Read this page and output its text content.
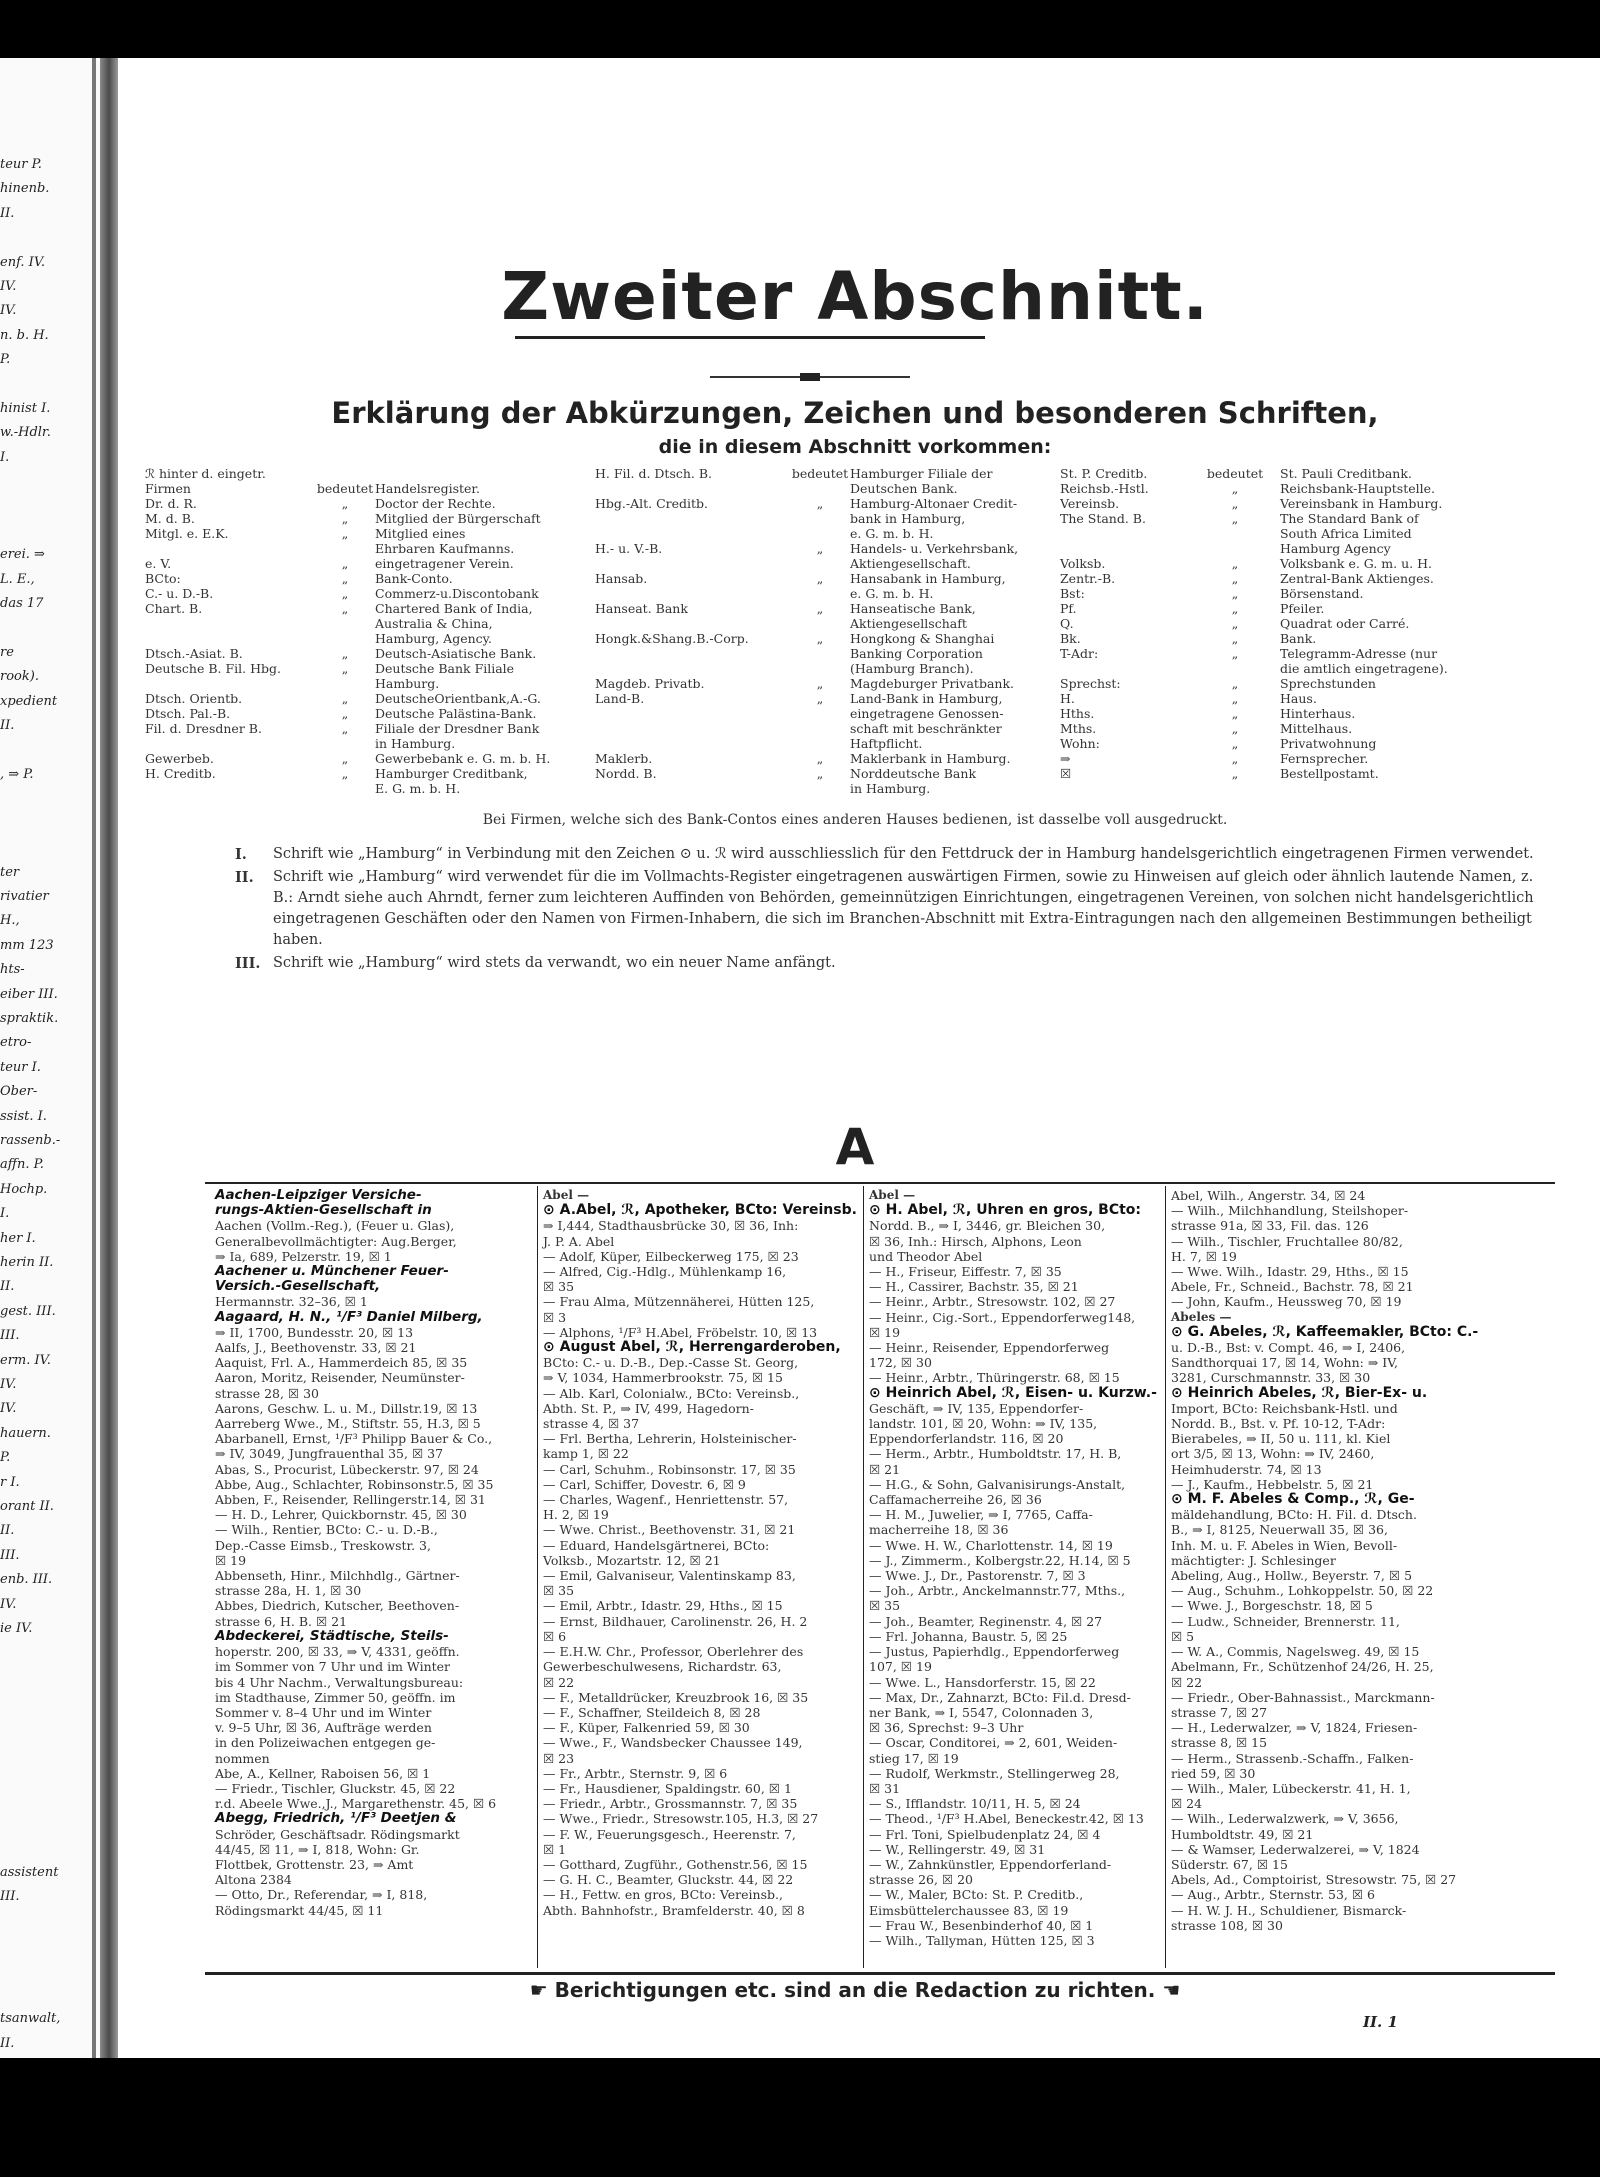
teur P.
hinenb.
II.
enf. IV.
IV.
IV.
n. b. H.
P.
hinist I.
w.-Hdlr.
I.
erei. ⇒
L. E.,
das 17
re
rook).
xpedient
II.
, ⇒ P.
ter
rivatier
H.,
mm 123
hts-
eiber III.
spraktik.
etro-
teur I.
Ober-
ssist. I.
rassenb.-
affn. P.
Hochp.
I.
her I.
herin II.
II.
gest. III.
III.
erm. IV.
IV.
IV.
hauern.
P.
r I.
orant II.
II.
III.
enb. III.
IV.
ie IV.
assistent
III.
tsanwalt,
II.
Zweiter Abschnitt.
Erklärung der Abkürzungen, Zeichen und besonderen Schriften,
die in diesem Abschnitt vorkommen:
ℛ hinter d. eingetr.
Firmen	bedeutet Handelsregister.
Dr. d. R.	„	Doctor der Rechte.
M. d. B.	„	Mitglied der Bürgerschaft
Mitgl. e. E.K.	„	Mitglied eines
Ehrbaren Kaufmanns.
e. V.	„	eingetragener Verein.
BCto:	„	Bank-Conto.
C.- u. D.-B.	„	Commerz-u.Discontobank
Chart. B.	„	Chartered Bank of India,
Australia & China,
Hamburg, Agency.
Dtsch.-Asiat. B.	„	Deutsch-Asiatische Bank.
Deutsche B. Fil. Hbg.	„	Deutsche Bank Filiale
Hamburg.
Dtsch. Orientb.	„	DeutscheOrientbank,A.-G.
Dtsch. Pal.-B.	„	Deutsche Palästina-Bank.
Fil. d. Dresdner B.	„	Filiale der Dresdner Bank
in Hamburg.
Gewerbeb.	„	Gewerbebank e. G. m. b. H.
H. Creditb.	„	Hamburger Creditbank,
E. G. m. b. H.
H. Fil. d. Dtsch. B.	bedeutet Hamburger Filiale der
Deutschen Bank.
Hbg.-Alt. Creditb.	„	Hamburg-Altonaer Credit-
bank in Hamburg,
e. G. m. b. H.
H.- u. V.-B.	„	Handels- u. Verkehrsbank,
Aktiengesellschaft.
Hansab.	„	Hansabank in Hamburg,
e. G. m. b. H.
Hanseat. Bank	„	Hanseatische Bank,
Aktiengesellschaft
Hongk.&Shang.B.-Corp.	„	Hongkong & Shanghai
Banking Corporation
(Hamburg Branch).
Magdeb. Privatb.	„	Magdeburger Privatbank.
Land-B.	„	Land-Bank in Hamburg,
eingetragene Genossen-
schaft mit beschränkter
Haftpflicht.
Maklerb.	„	Maklerbank in Hamburg.
Nordd. B.	„	Norddeutsche Bank
in Hamburg.
St. P. Creditb.	bedeutet	St. Pauli Creditbank.
Reichsb.-Hstl.	„	Reichsbank-Hauptstelle.
Vereinsb.	„	Vereinsbank in Hamburg.
The Stand. B.	„	The Standard Bank of
South Africa Limited
Hamburg Agency
Volksb.	„	Volksbank e. G. m. u. H.
Zentr.-B.	„	Zentral-Bank Aktienges.
Bst:	„	Börsenstand.
Pf.	„	Pfeiler.
Q.	„	Quadrat oder Carré.
Bk.	„	Bank.
T-Adr:	„	Telegramm-Adresse (nur
die amtlich eingetragene).
Sprechst:	„	Sprechstunden
H.	„	Haus.
Hths.	„	Hinterhaus.
Mths.	„	Mittelhaus.
Wohn:	„	Privatwohnung
⇒	„	Fernsprecher.
☒	„	Bestellpostamt.
Bei Firmen, welche sich des Bank-Contos eines anderen Hauses bedienen, ist dasselbe voll ausgedruckt.
I.	Schrift wie „Hamburg“ in Verbindung mit den Zeichen ⊙ u. ℛ wird ausschliesslich für den Fettdruck der in Hamburg handelsgerichtlich eingetragenen Firmen verwendet.
II.	Schrift wie „Hamburg“ wird verwendet für die im Vollmachts-Register eingetragenen auswärtigen Firmen, sowie zu Hinweisen auf gleich oder ähnlich lautende Namen, z. B.: Arndt siehe auch Ahrndt, ferner zum leichteren Auffinden von Behörden, gemeinnützigen Einrichtungen, eingetragenen Vereinen, von solchen nicht handelsgerichtlich eingetragenen Geschäften oder den Namen von Firmen-Inhabern, die sich im Branchen-Abschnitt mit Extra-Eintragungen nach den allgemeinen Bestimmungen betheiligt haben.
III. Schrift wie „Hamburg“ wird stets da verwandt, wo ein neuer Name anfängt.
A
Aachen-Leipziger Versiche-
rungs-Aktien-Gesellschaft in
Aachen (Vollm.-Reg.), (Feuer u. Glas),
Generalbevollmächtigter: Aug.Berger,
⇒ Ia, 689, Pelzerstr. 19, ☒ 1
Aachener u. Münchener Feuer-
Versich.-Gesellschaft,
Hermannstr. 32–36, ☒ 1
Aagaard, H. N., ¹/F³ Daniel Milberg,
⇒ II, 1700, Bundesstr. 20, ☒ 13
Aalfs, J., Beethovenstr. 33, ☒ 21
Aaquist, Frl. A., Hammerdeich 85, ☒ 35
Aaron, Moritz, Reisender, Neumünster-
strasse 28, ☒ 30
Aarons, Geschw. L. u. M., Dillstr.19, ☒ 13
Aarreberg Wwe., M., Stiftstr. 55, H.3, ☒ 5
Abarbanell, Ernst, ¹/F³ Philipp Bauer & Co.,
⇒ IV, 3049, Jungfrauenthal 35, ☒ 37
Abas, S., Procurist, Lübeckerstr. 97, ☒ 24
Abbe, Aug., Schlachter, Robinsonstr.5, ☒ 35
Abben, F., Reisender, Rellingerstr.14, ☒ 31
— H. D., Lehrer, Quickbornstr. 45, ☒ 30
— Wilh., Rentier, BCto: C.- u. D.-B.,
Dep.-Casse Eimsb., Treskowstr. 3,
☒ 19
Abbenseth, Hinr., Milchhdlg., Gärtner-
strasse 28a, H. 1, ☒ 30
Abbes, Diedrich, Kutscher, Beethoven-
strasse 6, H. B. ☒ 21
Abdeckerei, Städtische, Steils-
hoperstr. 200, ☒ 33, ⇒ V, 4331, geöffn.
im Sommer von 7 Uhr und im Winter
bis 4 Uhr Nachm., Verwaltungsbureau:
im Stadthause, Zimmer 50, geöffn. im
Sommer v. 8–4 Uhr und im Winter
v. 9–5 Uhr, ☒ 36, Aufträge werden
in den Polizeiwachen entgegen ge-
nommen
Abe, A., Kellner, Raboisen 56, ☒ 1
— Friedr., Tischler, Gluckstr. 45, ☒ 22
r.d. Abeele Wwe.,J., Margarethenstr. 45, ☒ 6
Abegg, Friedrich, ¹/F³ Deetjen &
Schröder, Geschäftsadr. Rödingsmarkt
44/45, ☒ 11, ⇒ I, 818, Wohn: Gr.
Flottbek, Grottenstr. 23, ⇒ Amt
Altona 2384
— Otto, Dr., Referendar, ⇒ I, 818,
Rödingsmarkt 44/45, ☒ 11
Abel —
⊙ A.Abel, ℛ, Apotheker, BCto: Vereinsb.
⇒ I,444, Stadthausbrücke 30, ☒ 36, Inh:
J. P. A. Abel
— Adolf, Küper, Eilbeckerweg 175, ☒ 23
— Alfred, Cig.-Hdlg., Mühlenkamp 16,
☒ 35
— Frau Alma, Mützennäherei, Hütten 125,
☒ 3
— Alphons, ¹/F³ H.Abel, Fröbelstr. 10, ☒ 13
⊙ August Abel, ℛ, Herrengarderoben,
BCto: C.- u. D.-B., Dep.-Casse St. Georg,
⇒ V, 1034, Hammerbrookstr. 75, ☒ 15
— Alb. Karl, Colonialw., BCto: Vereinsb.,
Abth. St. P., ⇒ IV, 499, Hagedorn-
strasse 4, ☒ 37
— Frl. Bertha, Lehrerin, Holsteinischer-
kamp 1, ☒ 22
— Carl, Schuhm., Robinsonstr. 17, ☒ 35
— Carl, Schiffer, Dovestr. 6, ☒ 9
— Charles, Wagenf., Henriettenstr. 57,
H. 2, ☒ 19
— Wwe. Christ., Beethovenstr. 31, ☒ 21
— Eduard, Handelsgärtnerei, BCto:
Volksb., Mozartstr. 12, ☒ 21
— Emil, Galvaniseur, Valentinskamp 83,
☒ 35
— Emil, Arbtr., Idastr. 29, Hths., ☒ 15
— Ernst, Bildhauer, Carolinenstr. 26, H. 2
☒ 6
— E.H.W. Chr., Professor, Oberlehrer des
Gewerbeschulwesens, Richardstr. 63,
☒ 22
— F., Metalldrücker, Kreuzbrook 16, ☒ 35
— F., Schaffner, Steildeich 8, ☒ 28
— F., Küper, Falkenried 59, ☒ 30
— Wwe., F., Wandsbecker Chaussee 149,
☒ 23
— Fr., Arbtr., Sternstr. 9, ☒ 6
— Fr., Hausdiener, Spaldingstr. 60, ☒ 1
— Friedr., Arbtr., Grossmannstr. 7, ☒ 35
— Wwe., Friedr., Stresowstr.105, H.3, ☒ 27
— F. W., Feuerungsgesch., Heerenstr. 7,
☒ 1
— Gotthard, Zugführ., Gothenstr.56, ☒ 15
— G. H. C., Beamter, Gluckstr. 44, ☒ 22
— H., Fettw. en gros, BCto: Vereinsb.,
Abth. Bahnhofstr., Bramfelderstr. 40, ☒ 8
Abel —
⊙ H. Abel, ℛ, Uhren en gros, BCto:
Nordd. B., ⇒ I, 3446, gr. Bleichen 30,
☒ 36, Inh.: Hirsch, Alphons, Leon
und Theodor Abel
— H., Friseur, Eiffestr. 7, ☒ 35
— H., Cassirer, Bachstr. 35, ☒ 21
— Heinr., Arbtr., Stresowstr. 102, ☒ 27
— Heinr., Cig.-Sort., Eppendorferweg148,
☒ 19
— Heinr., Reisender, Eppendorferweg
172, ☒ 30
— Heinr., Arbtr., Thüringerstr. 68, ☒ 15
⊙ Heinrich Abel, ℛ, Eisen- u. Kurzw.-
Geschäft, ⇒ IV, 135, Eppendorfer-
landstr. 101, ☒ 20, Wohn: ⇒ IV, 135,
Eppendorferlandstr. 116, ☒ 20
— Herm., Arbtr., Humboldtstr. 17, H. B,
☒ 21
— H.G., & Sohn, Galvanisirungs-Anstalt,
Caffamacherreihe 26, ☒ 36
— H. M., Juwelier, ⇒ I, 7765, Caffa-
macherreihe 18, ☒ 36
— Wwe. H. W., Charlottenstr. 14, ☒ 19
— J., Zimmerm., Kolbergstr.22, H.14, ☒ 5
— Wwe. J., Dr., Pastorenstr. 7, ☒ 3
— Joh., Arbtr., Anckelmannstr.77, Mths.,
☒ 35
— Joh., Beamter, Reginenstr. 4, ☒ 27
— Frl. Johanna, Baustr. 5, ☒ 25
— Justus, Papierhdlg., Eppendorferweg
107, ☒ 19
— Wwe. L., Hansdorferstr. 15, ☒ 22
— Max, Dr., Zahnarzt, BCto: Fil.d. Dresd-
ner Bank, ⇒ I, 5547, Colonnaden 3,
☒ 36, Sprechst: 9–3 Uhr
— Oscar, Conditorei, ⇒ 2, 601, Weiden-
stieg 17, ☒ 19
— Rudolf, Werkmstr., Stellingerweg 28,
☒ 31
— S., Ifflandstr. 10/11, H. 5, ☒ 24
— Theod., ¹/F³ H.Abel, Beneckestr.42, ☒ 13
— Frl. Toni, Spielbudenplatz 24, ☒ 4
— W., Rellingerstr. 49, ☒ 31
— W., Zahnkünstler, Eppendorferland-
strasse 26, ☒ 20
— W., Maler, BCto: St. P. Creditb.,
Eimsbüttelerchaussee 83, ☒ 19
— Frau W., Besenbinderhof 40, ☒ 1
— Wilh., Tallyman, Hütten 125, ☒ 3
Abel, Wilh., Angerstr. 34, ☒ 24
— Wilh., Milchhandlung, Steilshoper-
strasse 91a, ☒ 33, Fil. das. 126
— Wilh., Tischler, Fruchtallee 80/82,
H. 7, ☒ 19
— Wwe. Wilh., Idastr. 29, Hths., ☒ 15
Abele, Fr., Schneid., Bachstr. 78, ☒ 21
— John, Kaufm., Heussweg 70, ☒ 19
Abeles —
⊙ G. Abeles, ℛ, Kaffeemakler, BCto: C.-
u. D.-B., Bst: v. Compt. 46, ⇒ I, 2406,
Sandthorquai 17, ☒ 14, Wohn: ⇒ IV,
3281, Curschmannstr. 33, ☒ 30
⊙ Heinrich Abeles, ℛ, Bier-Ex- u.
Import, BCto: Reichsbank-Hstl. und
Nordd. B., Bst. v. Pf. 10-12, T-Adr:
Bierabeles, ⇒ II, 50 u. 111, kl. Kiel
ort 3/5, ☒ 13, Wohn: ⇒ IV, 2460,
Heimhuderstr. 74, ☒ 13
— J., Kaufm., Hebbelstr. 5, ☒ 21
⊙ M. F. Abeles & Comp., ℛ, Ge-
mäldehandlung, BCto: H. Fil. d. Dtsch.
B., ⇒ I, 8125, Neuerwall 35, ☒ 36,
Inh. M. u. F. Abeles in Wien, Bevoll-
mächtigter: J. Schlesinger
Abeling, Aug., Hollw., Beyerstr. 7, ☒ 5
— Aug., Schuhm., Lohkoppelstr. 50, ☒ 22
— Wwe. J., Borgeschstr. 18, ☒ 5
— Ludw., Schneider, Brennerstr. 11,
☒ 5
— W. A., Commis, Nagelsweg. 49, ☒ 15
Abelmann, Fr., Schützenhof 24/26, H. 25,
☒ 22
— Friedr., Ober-Bahnassist., Marckmann-
strasse 7, ☒ 27
— H., Lederwalzer, ⇒ V, 1824, Friesen-
strasse 8, ☒ 15
— Herm., Strassenb.-Schaffn., Falken-
ried 59, ☒ 30
— Wilh., Maler, Lübeckerstr. 41, H. 1,
☒ 24
— Wilh., Lederwalzwerk, ⇒ V, 3656,
Humboldtstr. 49, ☒ 21
— & Wamser, Lederwalzerei, ⇒ V, 1824
Süderstr. 67, ☒ 15
Abels, Ad., Comptoirist, Stresowstr. 75, ☒ 27
— Aug., Arbtr., Sternstr. 53, ☒ 6
— H. W. J. H., Schuldiener, Bismarck-
strasse 108, ☒ 30
☛ Berichtigungen etc. sind an die Redaction zu richten. ☚
II. 1
